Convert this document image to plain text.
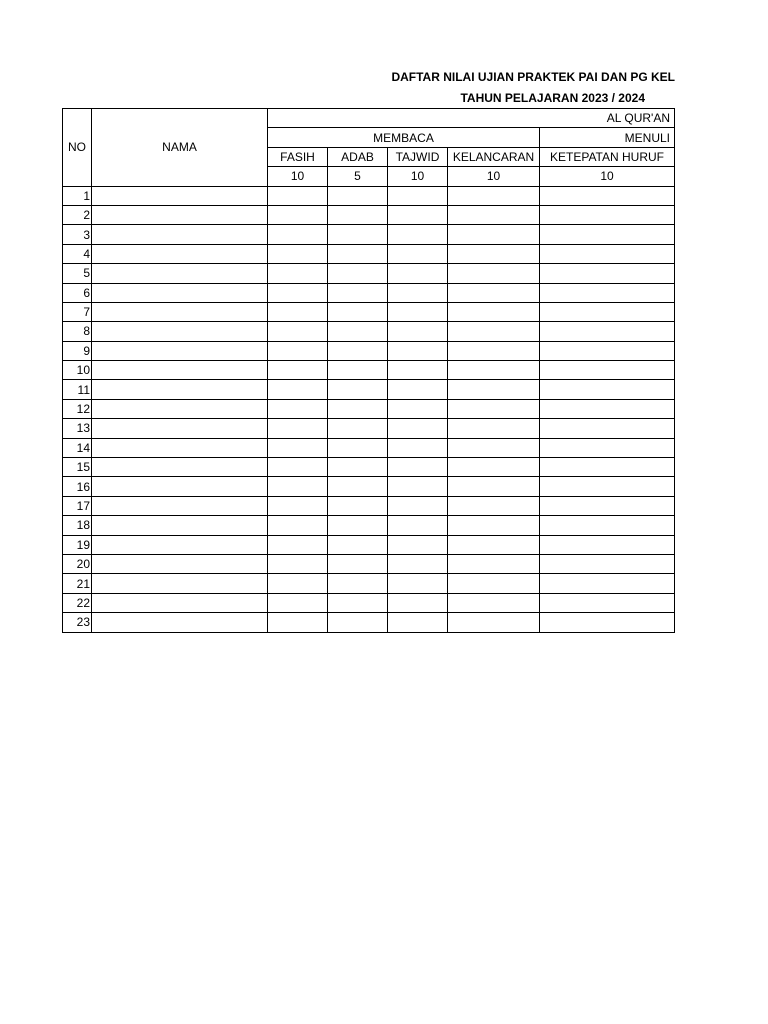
DAFTAR NILAI UJIAN PRAKTEK PAI DAN PG KEL
TAHUN PELAJARAN 2023 / 2024
NO	NAMA	AL QUR'AN				
		MEMBACA				MENULI
		FASIH	ADAB	TAJWID	KELANCARAN	KETEPATAN HURUF
		10	5	10	10	10
1						
2						
3						
4						
5						
6						
7						
8						
9						
10						
11						
12						
13						
14						
15						
16						
17						
18						
19						
20						
21						
22						
23						
